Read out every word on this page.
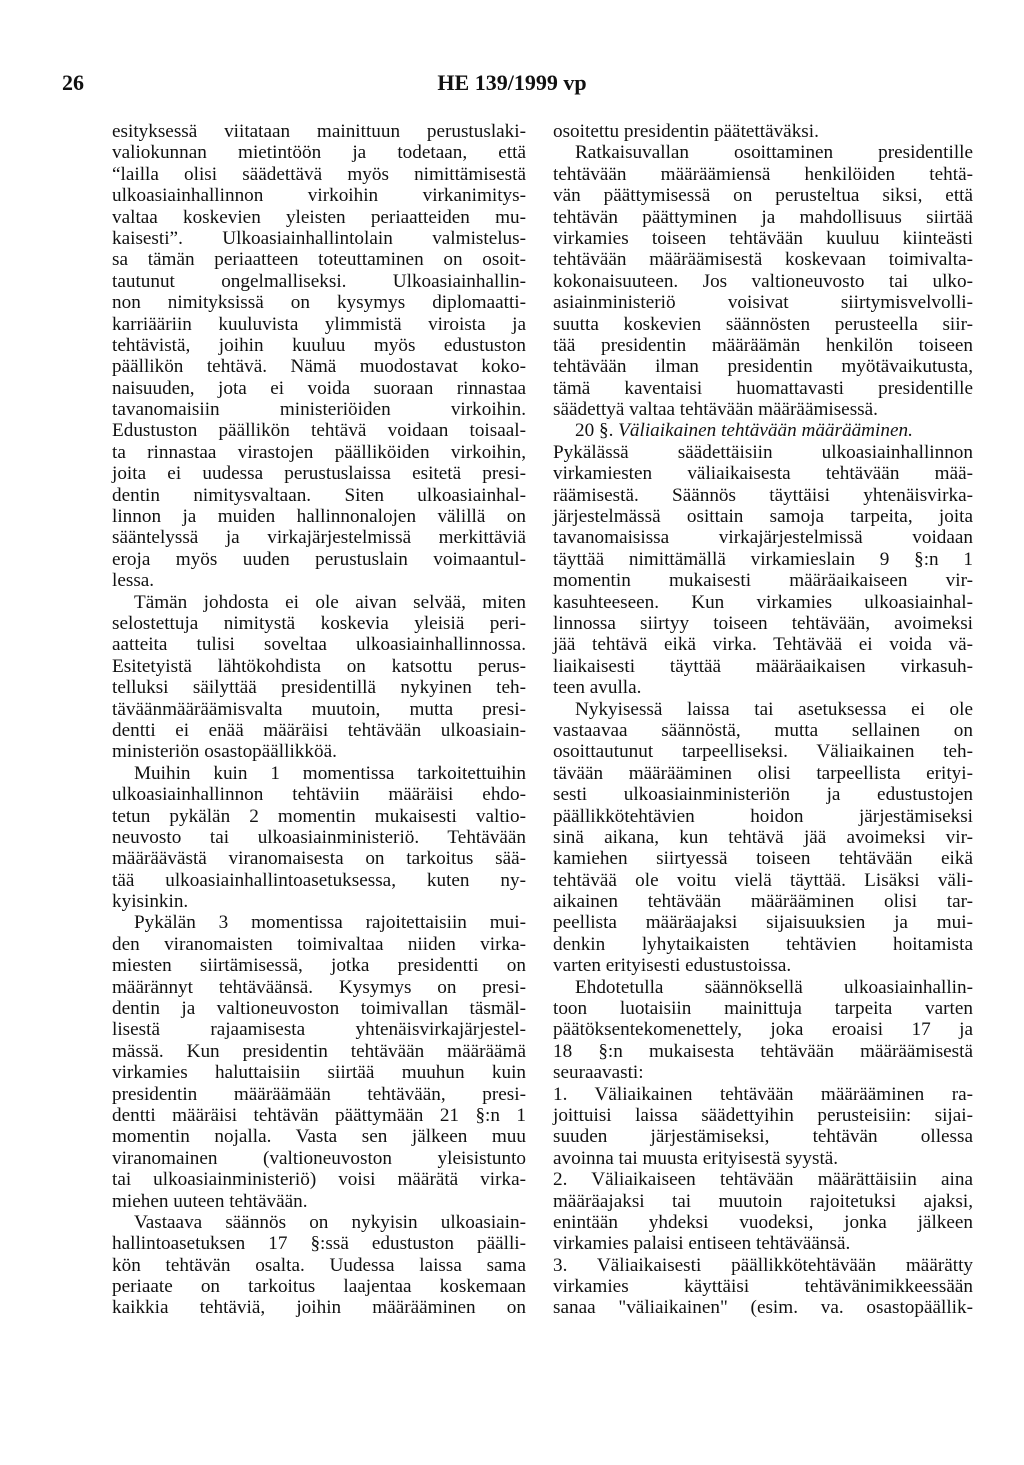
26	HE 139/1999 vp
esityksessä viitataan mainittuun perustuslaki-
valiokunnan mietintöön ja todetaan, että
“lailla olisi säädettävä myös nimittämisestä
ulkoasiainhallinnon virkoihin virkanimitys-
valtaa koskevien yleisten periaatteiden mu-
kaisesti”. Ulkoasiainhallintolain valmistelus-
sa tämän periaatteen toteuttaminen on osoit-
tautunut ongelmalliseksi. Ulkoasiainhallin-
non nimityksissä on kysymys diplomaatti-
karriääriin kuuluvista ylimmistä viroista ja
tehtävistä, joihin kuuluu myös edustuston
päällikön tehtävä. Nämä muodostavat koko-
naisuuden, jota ei voida suoraan rinnastaa
tavanomaisiin ministeriöiden virkoihin.
Edustuston päällikön tehtävä voidaan toisaal-
ta rinnastaa virastojen päälliköiden virkoihin,
joita ei uudessa perustuslaissa esitetä presi-
dentin nimitysvaltaan. Siten ulkoasiainhal-
linnon ja muiden hallinnonalojen välillä on
sääntelyssä ja virkajärjestelmissä merkittäviä
eroja myös uuden perustuslain voimaantul-
lessa.
Tämän johdosta ei ole aivan selvää, miten
selostettuja nimitystä koskevia yleisiä peri-
aatteita tulisi soveltaa ulkoasiainhallinnossa.
Esitetyistä lähtökohdista on katsottu perus-
telluksi säilyttää presidentillä nykyinen teh-
täväänmääräämisvalta muutoin, mutta presi-
dentti ei enää määräisi tehtävään ulkoasiain-
ministeriön osastopäällikköä.
Muihin kuin 1 momentissa tarkoitettuihin
ulkoasiainhallinnon tehtäviin määräisi ehdo-
tetun pykälän 2 momentin mukaisesti valtio-
neuvosto tai ulkoasiainministeriö. Tehtävään
määräävästä viranomaisesta on tarkoitus sää-
tää ulkoasiainhallintoasetuksessa, kuten ny-
kyisinkin.
Pykälän 3 momentissa rajoitettaisiin mui-
den viranomaisten toimivaltaa niiden virka-
miesten siirtämisessä, jotka presidentti on
määrännyt tehtäväänsä. Kysymys on presi-
dentin ja valtioneuvoston toimivallan täsmäl-
lisestä rajaamisesta yhtenäisvirkajärjestel-
mässä. Kun presidentin tehtävään määräämä
virkamies haluttaisiin siirtää muuhun kuin
presidentin määräämään tehtävään, presi-
dentti määräisi tehtävän päättymään 21 §:n 1
momentin nojalla. Vasta sen jälkeen muu
viranomainen (valtioneuvoston yleisistunto
tai ulkoasiainministeriö) voisi määrätä virka-
miehen uuteen tehtävään.
Vastaava säännös on nykyisin ulkoasiain-
hallintoasetuksen 17 §:ssä edustuston päälli-
kön tehtävän osalta. Uudessa laissa sama
periaate on tarkoitus laajentaa koskemaan
kaikkia tehtäviä, joihin määrääminen on
osoitettu presidentin päätettäväksi.
Ratkaisuvallan osoittaminen presidentille
tehtävään määräämiensä henkilöiden tehtä-
vän päättymisessä on perusteltua siksi, että
tehtävän päättyminen ja mahdollisuus siirtää
virkamies toiseen tehtävään kuuluu kiinteästi
tehtävään määräämisestä koskevaan toimivalta-
kokonaisuuteen. Jos valtioneuvosto tai ulko-
asiainministeriö voisivat siirtymisvelvolli-
suutta koskevien säännösten perusteella siir-
tää presidentin määräämän henkilön toiseen
tehtävään ilman presidentin myötävaikutusta,
tämä kaventaisi huomattavasti presidentille
säädettyä valtaa tehtävään määräämisessä.
20 §. Väliaikainen tehtävään määrääminen.
Pykälässä säädettäisiin ulkoasiainhallinnon
virkamiesten väliaikaisesta tehtävään mää-
räämisestä. Säännös täyttäisi yhtenäisvirka-
järjestelmässä osittain samoja tarpeita, joita
tavanomaisissa virkajärjestelmissä voidaan
täyttää nimittämällä virkamieslain 9 §:n 1
momentin mukaisesti määräaikaiseen vir-
kasuhteeseen. Kun virkamies ulkoasiainhal-
linnossa siirtyy toiseen tehtävään, avoimeksi
jää tehtävä eikä virka. Tehtävää ei voida vä-
liaikaisesti täyttää määräaikaisen virkasuh-
teen avulla.
Nykyisessä laissa tai asetuksessa ei ole
vastaavaa säännöstä, mutta sellainen on
osoittautunut tarpeelliseksi. Väliaikainen teh-
tävään määrääminen olisi tarpeellista erityi-
sesti ulkoasiainministeriön ja edustustojen
päällikkötehtävien hoidon järjestämiseksi
sinä aikana, kun tehtävä jää avoimeksi vir-
kamiehen siirtyessä toiseen tehtävään eikä
tehtävää ole voitu vielä täyttää. Lisäksi väli-
aikainen tehtävään määrääminen olisi tar-
peellista määräajaksi sijaisuuksien ja mui-
denkin lyhytaikaisten tehtävien hoitamista
varten erityisesti edustustoissa.
Ehdotetulla säännöksellä ulkoasiainhallin-
toon luotaisiin mainittuja tarpeita varten
päätöksentekomenettely, joka eroaisi 17 ja
18 §:n mukaisesta tehtävään määräämisestä
seuraavasti:
1. Väliaikainen tehtävään määrääminen ra-
joittuisi laissa säädettyihin perusteisiin: sijai-
suuden järjestämiseksi, tehtävän ollessa
avoinna tai muusta erityisestä syystä.
2. Väliaikaiseen tehtävään määrättäisiin aina
määräajaksi tai muutoin rajoitetuksi ajaksi,
enintään yhdeksi vuodeksi, jonka jälkeen
virkamies palaisi entiseen tehtäväänsä.
3. Väliaikaisesti päällikkötehtävään määrätty
virkamies käyttäisi tehtävänimikkeessään
sanaa "väliaikainen" (esim. va. osastopäällik-
